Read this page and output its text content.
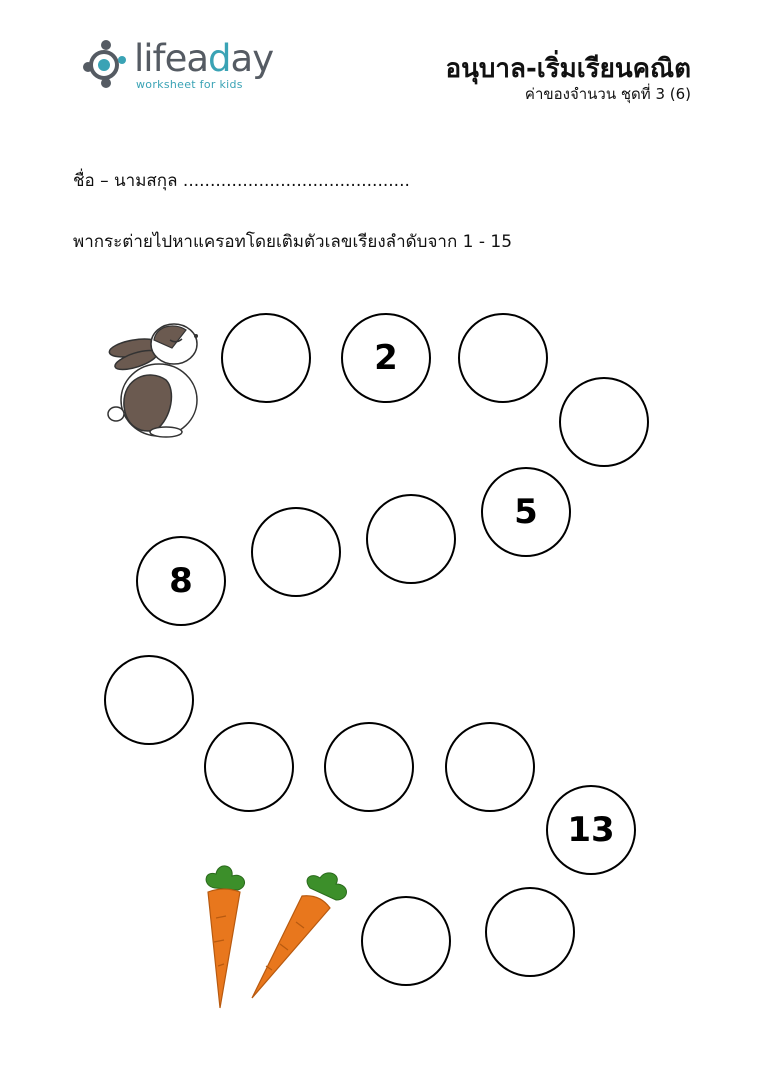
lifeaday
worksheet for kids
อนุบาล-เริ่มเรียนคณิต
ค่าของจำนวน ชุดที่ 3 (6)
ชื่อ – นามสกุล ..........................................
พากระต่ายไปหาแครอทโดยเติมตัวเลขเรียงลำดับจาก 1 - 15
2
5
8
13
